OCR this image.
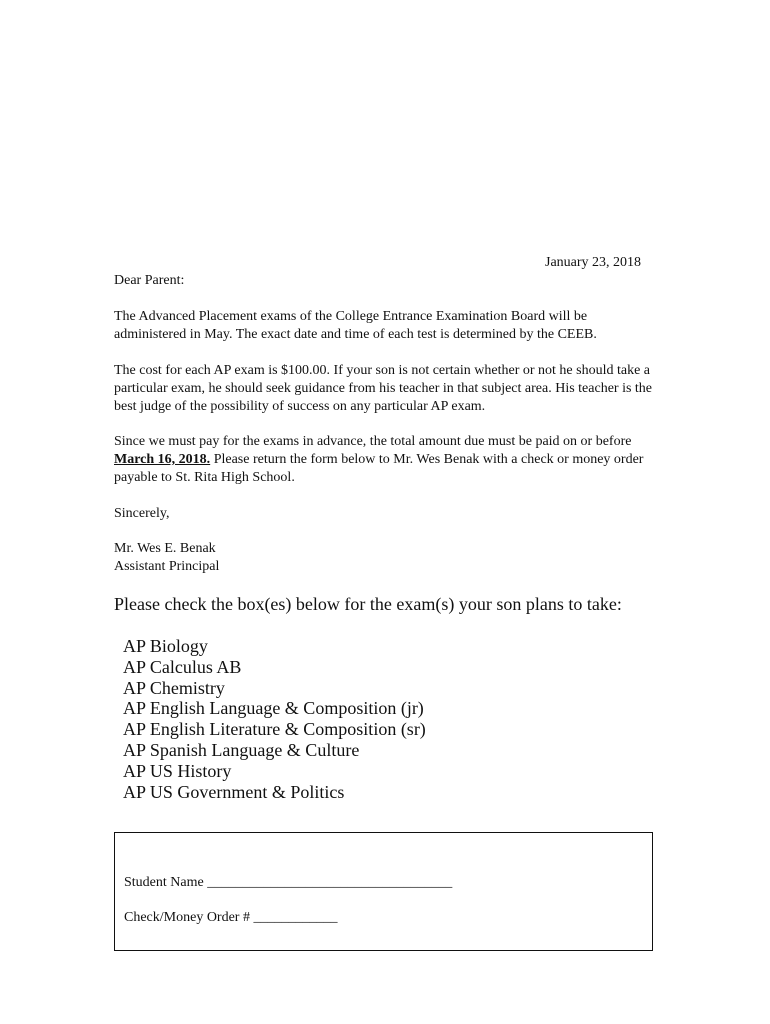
January 23, 2018
Dear Parent:

The Advanced Placement exams of the College Entrance Examination Board will be administered in May. The exact date and time of each test is determined by the CEEB.

The cost for each AP exam is $100.00. If your son is not certain whether or not he should take a particular exam, he should seek guidance from his teacher in that subject area. His teacher is the best judge of the possibility of success on any particular AP exam.

Since we must pay for the exams in advance, the total amount due must be paid on or before March 16, 2018. Please return the form below to Mr. Wes Benak with a check or money order payable to St. Rita High School.

Sincerely,
Mr. Wes E. Benak
Assistant Principal
Please check the box(es) below for the exam(s) your son plans to take:
AP Biology
AP Calculus AB
AP Chemistry
AP English Language & Composition (jr)
AP English Literature & Composition (sr)
AP Spanish Language & Culture
AP US History
AP US Government & Politics
Student Name ___________________________________
Check/Money Order # ____________
